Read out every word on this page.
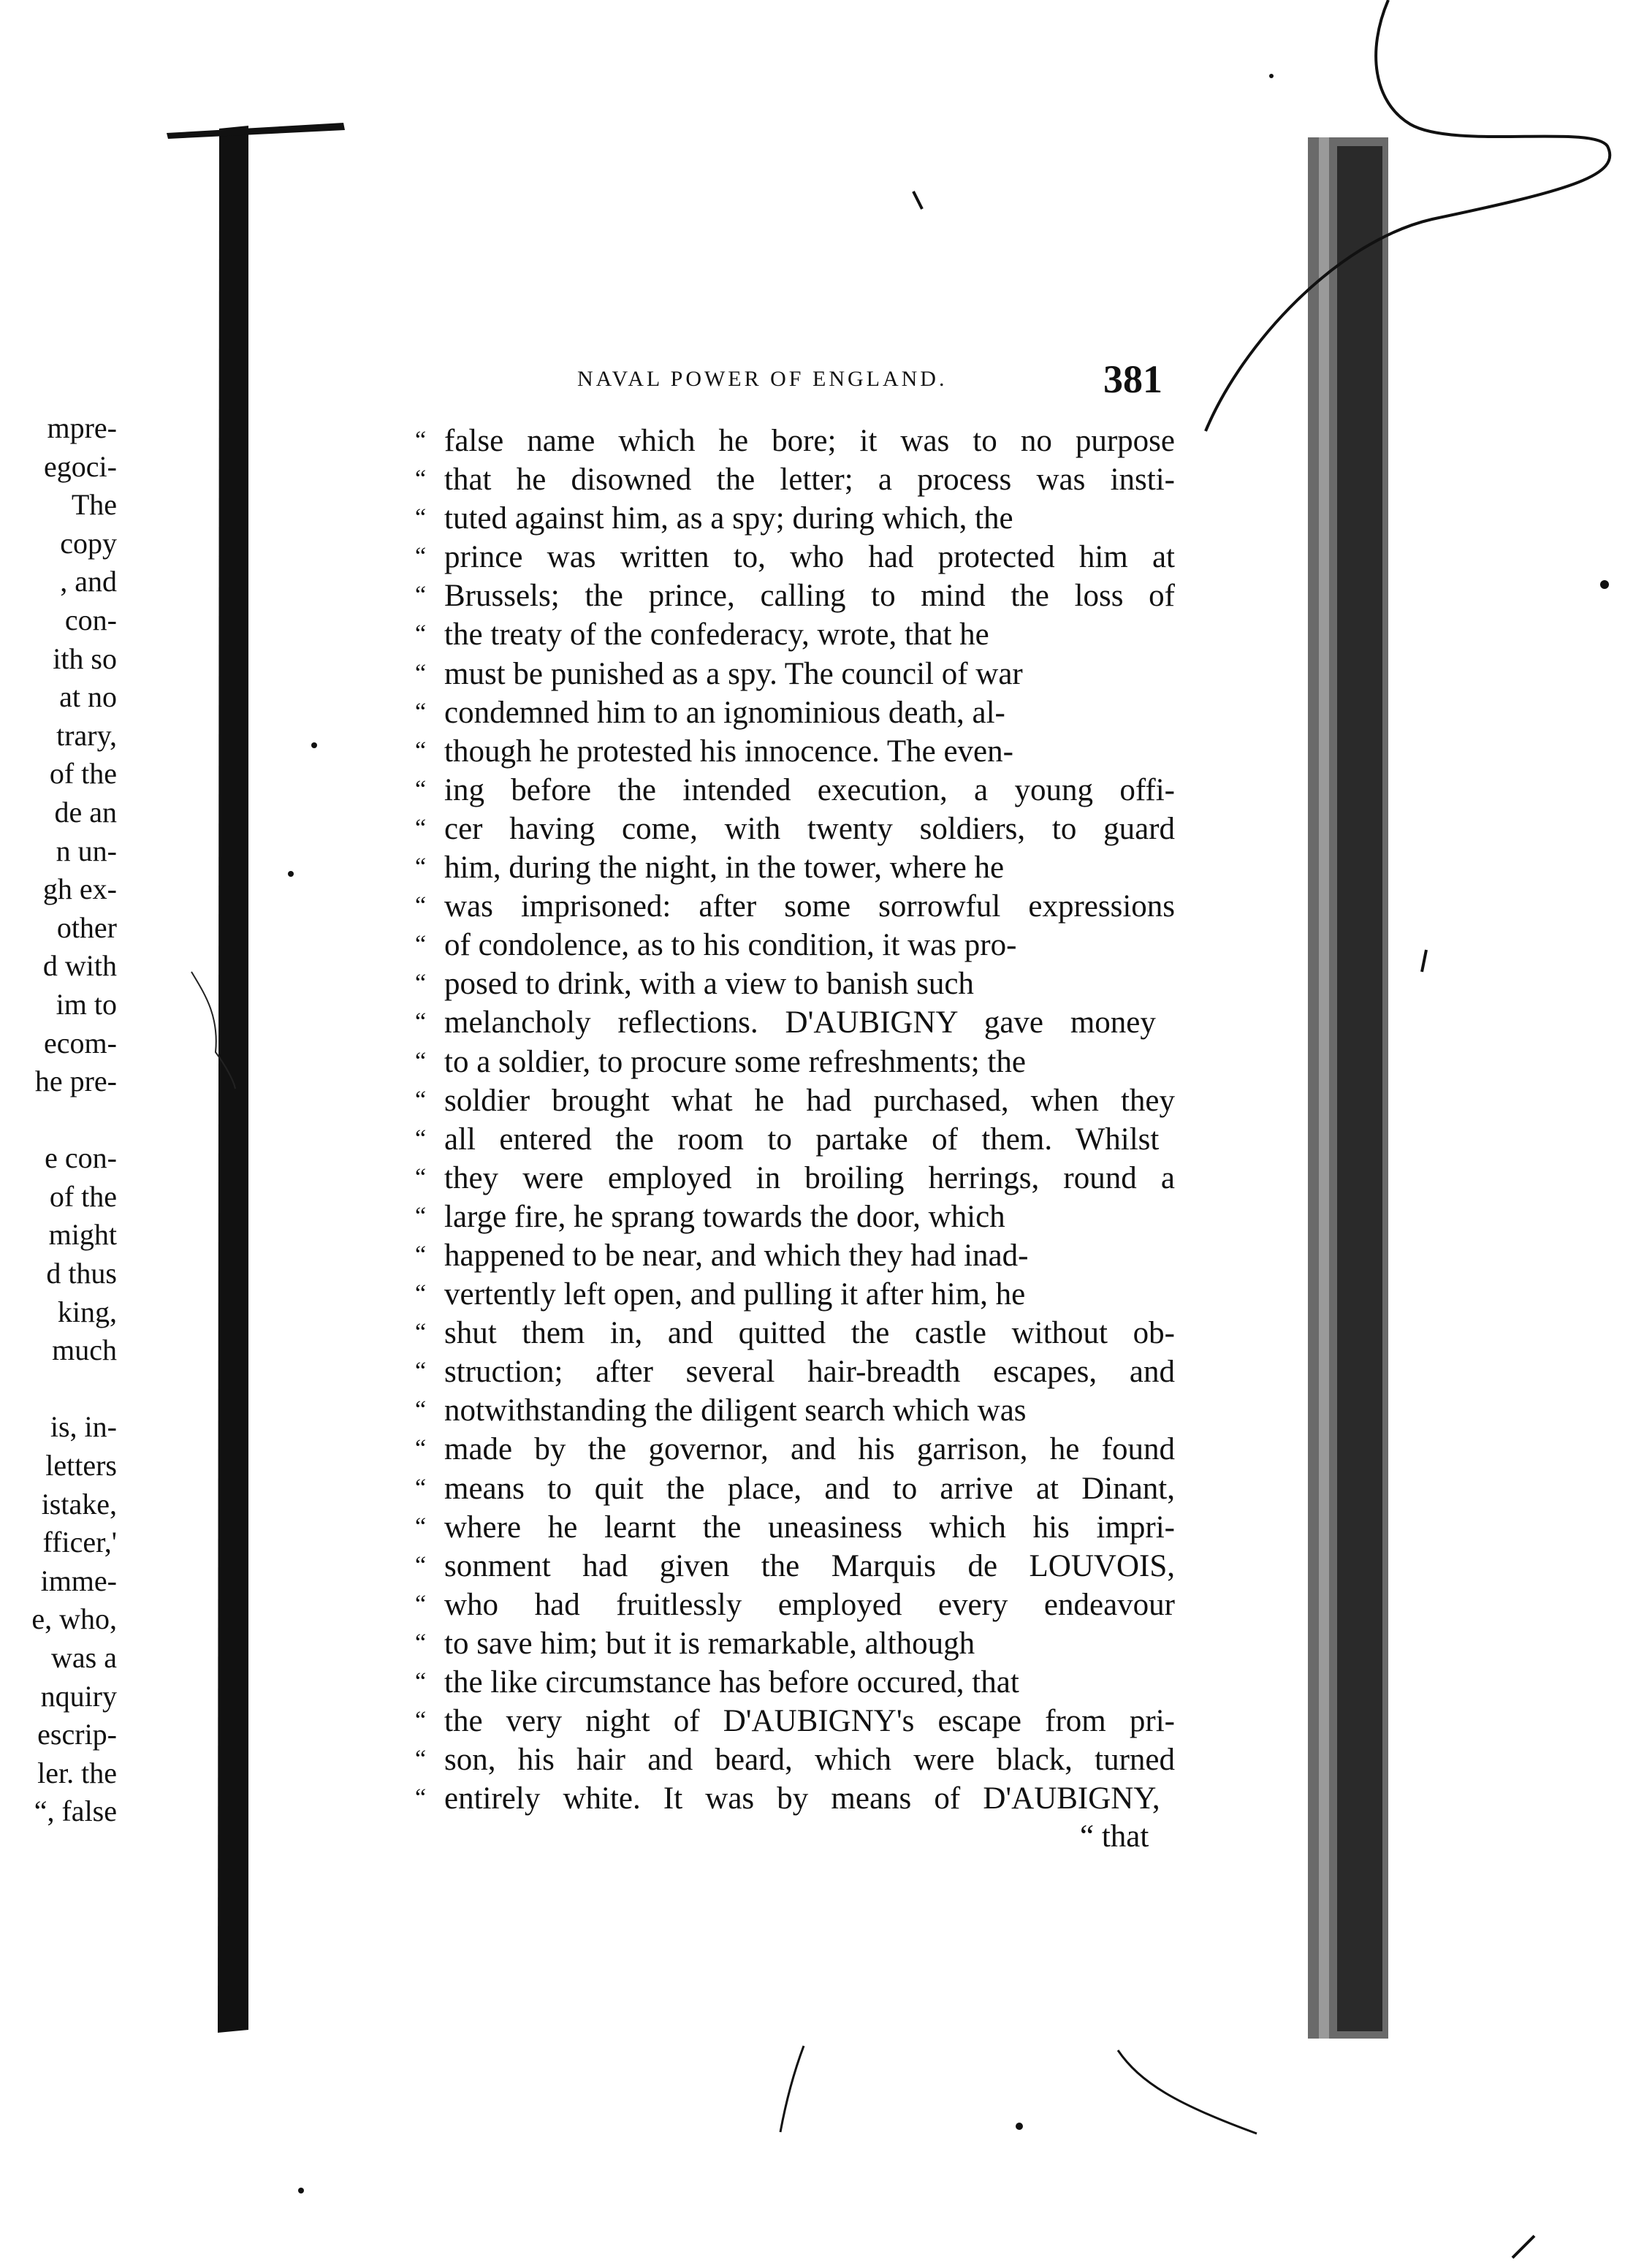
mpre-
egoci-
The
copy
, and
con-
ith so
at no
trary,
of the
de an
n un-
gh ex-
other
d with
im to
ecom-
he pre-

e con-
of the
might
d thus
king,
much

is, in-
letters
istake,
fficer,'
imme-
e, who,
was a
nquiry
escrip-
ler. the
“, false
NAVAL POWER OF ENGLAND.	381
“ false name which he bore; it was to no purpose
“ that he disowned the letter; a process was insti-
“ tuted against him, as a spy; during which, the
“ prince was written to, who had protected him at
“ Brussels; the prince, calling to mind the loss of
“ the treaty of the confederacy, wrote, that he
“ must be punished as a spy. The council of war
“ condemned him to an ignominious death, al-
“ though he protested his innocence. The even-
“ ing before the intended execution, a young offi-
“ cer having come, with twenty soldiers, to guard
“ him, during the night, in the tower, where he
“ was imprisoned: after some sorrowful expressions
“ of condolence, as to his condition, it was pro-
“ posed to drink, with a view to banish such
“ melancholy reflections. D'AUBIGNY gave money
“ to a soldier, to procure some refreshments; the
“ soldier brought what he had purchased, when they
“ all entered the room to partake of them. Whilst
“ they were employed in broiling herrings, round a
“ large fire, he sprang towards the door, which
“ happened to be near, and which they had inad-
“ vertently left open, and pulling it after him, he
“ shut them in, and quitted the castle without ob-
“ struction; after several hair-breadth escapes, and
“ notwithstanding the diligent search which was
“ made by the governor, and his garrison, he found
“ means to quit the place, and to arrive at Dinant,
“ where he learnt the uneasiness which his impri-
“ sonment had given the Marquis de LOUVOIS,
“ who had fruitlessly employed every endeavour
“ to save him; but it is remarkable, although
“ the like circumstance has before occured, that
“ the very night of D'AUBIGNY's escape from pri-
“ son, his hair and beard, which were black, turned
“ entirely white. It was by means of D'AUBIGNY,
“ that
